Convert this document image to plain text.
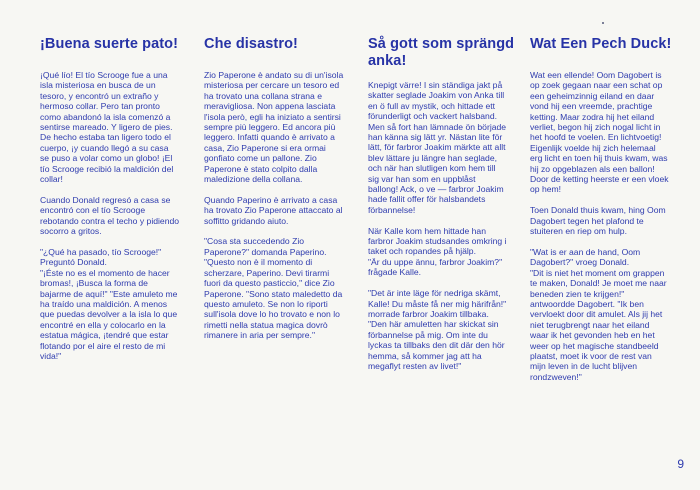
¡Buena suerte pato!

¡Qué lío! El tío Scrooge fue a una
isla misteriosa en busca de un
tesoro, y encontró un extraño y
hermoso collar. Pero tan pronto
como abandonó la isla comenzó a
sentirse mareado. Y ligero de pies.
De hecho estaba tan ligero todo el
cuerpo, ¡y cuando llegó a su casa
se puso a volar como un globo! ¡El
tío Scrooge recibió la maldición del
collar!

Cuando Donald regresó a casa se
encontró con el tío Scrooge
rebotando contra el techo y pidiendo
socorro a gritos.

"¿Qué ha pasado, tío Scrooge!"
Preguntó Donald.
"¡Éste no es el momento de hacer
bromas!, ¡Busca la forma de
bajarme de aquí!" "Este amuleto me
ha traído una maldición. A menos
que puedas devolver a la isla lo que
encontré en ella y colocarlo en la
estatua mágica, ¡tendré que estar
flotando por el aire el resto de mi
vida!"

Che disastro!

Zio Paperone è andato su di un'isola
misteriosa per cercare un tesoro ed
ha trovato una collana strana e
meravigliosa. Non appena lasciata
l'isola però, egli ha iniziato a sentirsi
sempre più leggero. Ed ancora più
leggero. Infatti quando è arrivato a
casa, Zio Paperone si era ormai
gonfiato come un pallone. Zio
Paperone è stato colpito dalla
maledizione della collana.

Quando Paperino è arrivato a casa
ha trovato Zio Paperone attaccato al
soffitto gridando aiuto.

"Cosa sta succedendo Zio
Paperone?" domanda Paperino.
"Questo non è il momento di
scherzare, Paperino. Devi tirarmi
fuori da questo pasticcio," dice Zio
Paperone. "Sono stato maledetto da
questo amuleto. Se non lo riporti
sull'isola dove lo ho trovato e non lo
rimetti nella statua magica dovrò
rimanere in aria per sempre."

Så gott som sprängd
anka!

Knepigt värre! I sin ständiga jakt på
skatter seglade Joakim von Anka till
en ö full av mystik, och hittade ett
förunderligt och vackert halsband.
Men så fort han lämnade ön började
han känna sig lätt yr. Nästan lite för
lätt, för farbror Joakim märkte att allt
blev lättare ju längre han seglade,
och när han slutligen kom hem till
sig var han som en uppblåst
ballong! Ack, o ve — farbror Joakim
hade fallit offer för halsbandets
förbannelse!

När Kalle kom hem hittade han
farbror Joakim studsandes omkring i
taket och ropandes på hjälp.
"Är du uppe ännu, farbror Joakim?"
frågade Kalle.

"Det är inte läge för nedriga skämt,
Kalle! Du måste få ner mig härifrån!"
morrade farbror Joakim tillbaka.
"Den här amuletten har skickat sin
förbannelse på mig. Om inte du
lyckas ta tillbaks den dit där den hör
hemma, så kommer jag att ha
megaflyt resten av livet!"

Wat Een Pech Duck!

Wat een ellende! Oom Dagobert is
op zoek gegaan naar een schat op
een geheimzinnig eiland en daar
vond hij een vreemde, prachtige
ketting. Maar zodra hij het eiland
verliet, begon hij zich nogal licht in
het hoofd te voelen. En lichtvoetig!
Eigenlijk voelde hij zich helemaal
erg licht en toen hij thuis kwam, was
hij zo opgeblazen als een ballon!
Door de ketting heerste er een vloek
op hem!

Toen Donald thuis kwam, hing Oom
Dagobert tegen het plafond te
stuiteren en riep om hulp.

"Wat is er aan de hand, Oom
Dagobert?" vroeg Donald.
"Dit is niet het moment om grappen
te maken, Donald! Je moet me naar
beneden zien te krijgen!"
antwoordde Dagobert. "Ik ben
vervloekt door dit amulet. Als jij het
niet terugbrengt naar het eiland
waar ik het gevonden heb en het
weer op het magische standbeeld
plaatst, moet ik voor de rest van
mijn leven in de lucht blijven
rondzweven!"

9
